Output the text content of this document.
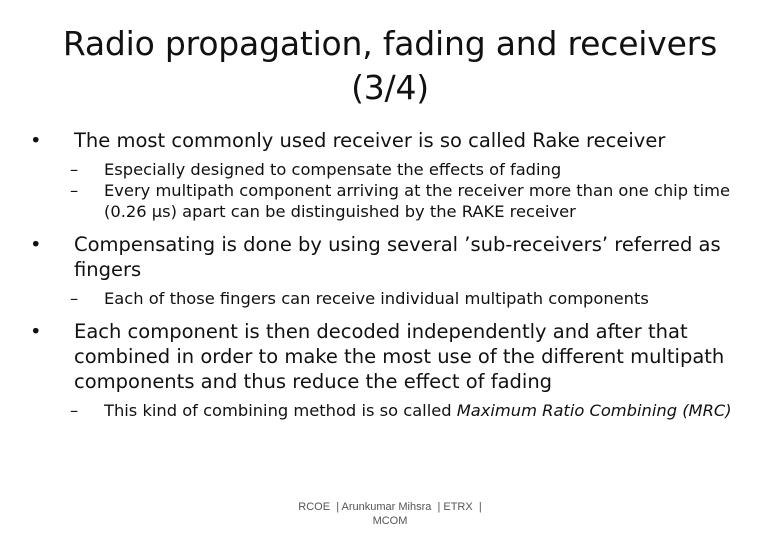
Radio propagation, fading and receivers
(3/4)
•	The most commonly used receiver is so called Rake receiver
– Especially designed to compensate the effects of fading
– Every multipath component arriving at the receiver more than one chip time (0.26 µs) apart can be distinguished by the RAKE receiver
•	Compensating is done by using several ’sub-receivers’ referred as fingers
– Each of those fingers can receive individual multipath components
•	Each component is then decoded independently and after that combined in order to make the most use of the different multipath components and thus reduce the effect of fading
– This kind of combining method is so called Maximum Ratio Combining (MRC)
RCOE  | Arunkumar Mihsra  | ETRX  |
MCOM
